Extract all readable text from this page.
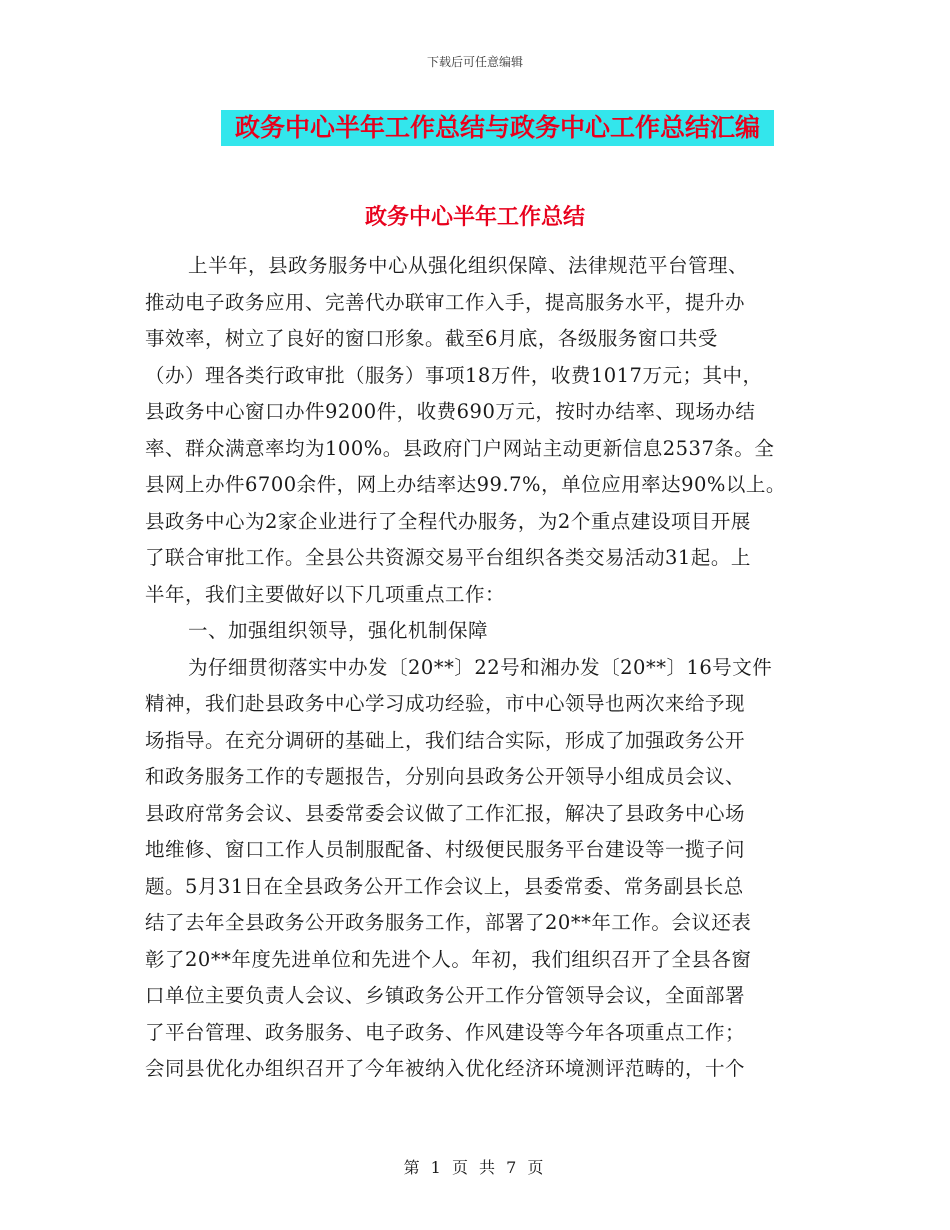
下载后可任意编辑
政务中心半年工作总结与政务中心工作总结汇编
政务中心半年工作总结
上半年，县政务服务中心从强化组织保障、法律规范平台管理、
推动电子政务应用、完善代办联审工作入手，提高服务水平，提升办
事效率，树立了良好的窗口形象。截至6月底，各级服务窗口共受
（办）理各类行政审批（服务）事项18万件，收费1017万元；其中，
县政务中心窗口办件9200件，收费690万元，按时办结率、现场办结
率、群众满意率均为100%。县政府门户网站主动更新信息2537条。全
县网上办件6700余件，网上办结率达99.7%，单位应用率达90%以上。
县政务中心为2家企业进行了全程代办服务，为2个重点建设项目开展
了联合审批工作。全县公共资源交易平台组织各类交易活动31起。上
半年，我们主要做好以下几项重点工作：
一、加强组织领导，强化机制保障
为仔细贯彻落实中办发〔20**〕22号和湘办发〔20**〕16号文件
精神，我们赴县政务中心学习成功经验，市中心领导也两次来给予现
场指导。在充分调研的基础上，我们结合实际，形成了加强政务公开
和政务服务工作的专题报告，分别向县政务公开领导小组成员会议、
县政府常务会议、县委常委会议做了工作汇报，解决了县政务中心场
地维修、窗口工作人员制服配备、村级便民服务平台建设等一揽子问
题。5月31日在全县政务公开工作会议上，县委常委、常务副县长总
结了去年全县政务公开政务服务工作，部署了20**年工作。会议还表
彰了20**年度先进单位和先进个人。年初，我们组织召开了全县各窗
口单位主要负责人会议、乡镇政务公开工作分管领导会议，全面部署
了平台管理、政务服务、电子政务、作风建设等今年各项重点工作；
会同县优化办组织召开了今年被纳入优化经济环境测评范畴的，十个
第 1 页 共 7 页
